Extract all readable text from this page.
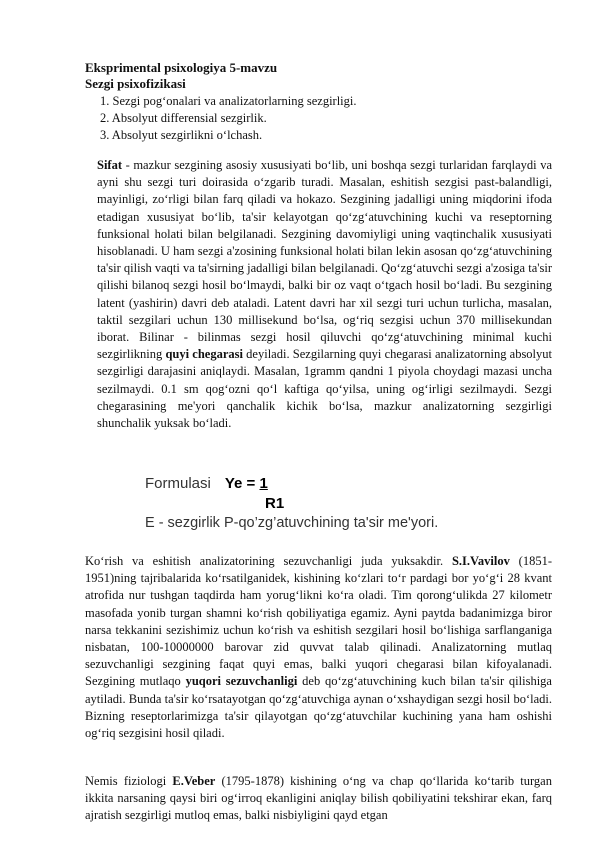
Eksprimental psixologiya 5-mavzu
Sezgi psixofizikasi
1. Sezgi pog‘onalari va analizatorlarning sezgirligi.
2. Absolyut differensial sezgirlik.
3. Absolyut sezgirlikni o‘lchash.

Sifat - mazkur sezgining asosiy xususiyati bo‘lib, uni boshqa sezgi turlaridan farqlaydi va ayni shu sezgi turi doirasida o‘zgarib turadi. Masalan, eshitish sezgisi past-balandligi, mayinligi, zo‘rligi bilan farq qiladi va hokazo. Sezgining jadalligi uning miqdorini ifoda etadigan xususiyat bo‘lib, ta'sir kelayotgan qo‘zg‘atuvchining kuchi va reseptorning funksional holati bilan belgilanadi. Sezgining davomiyligi uning vaqtinchalik xususiyati hisoblanadi. U ham sezgi a'zosining funksional holati bilan lekin asosan qo‘zg‘atuvchining ta'sir qilish vaqti va ta'sirning jadalligi bilan belgilanadi. Qo‘zg‘atuvchi sezgi a'zosiga ta'sir qilishi bilanoq sezgi hosil bo‘lmaydi, balki bir oz vaqt o‘tgach hosil bo‘ladi. Bu sezgining latent (yashirin) davri deb ataladi. Latent davri har xil sezgi turi uchun turlicha, masalan, taktil sezgilari uchun 130 millisekund bo‘lsa, og‘riq sezgisi uchun 370 millisekundan iborat. Bilinar - bilinmas sezgi hosil qiluvchi qo‘zg‘atuvchining minimal kuchi sezgirlikning quyi chegarasi deyiladi. Sezgilarning quyi chegarasi analizatorning absolyut sezgirligi darajasini aniqlaydi. Masalan, 1gramm qandni 1 piyola choydagi mazasi uncha sezilmaydi. 0.1 sm qog‘ozni qo‘l kaftiga qo‘yilsa, uning og‘irligi sezilmaydi. Sezgi chegarasining me'yori qanchalik kichik bo‘lsa, mazkur analizatorning sezgirligi shunchalik yuksak bo‘ladi.

Formulasi Ye = 1
R1
E - sezgirlik P-qo’zg’atuvchining ta'sir me'yori.

Ko‘rish va eshitish analizatorining sezuvchanligi juda yuksakdir. S.I.Vavilov (1851-1951)ning tajribalarida ko‘rsatilganidek, kishining ko‘zlari to‘r pardagi bor yo‘g‘i 28 kvant atrofida nur tushgan taqdirda ham yorug‘likni ko‘ra oladi. Tim qorong‘ulikda 27 kilometr masofada yonib turgan shamni ko‘rish qobiliyatiga egamiz. Ayni paytda badanimizga biror narsa tekkanini sezishimiz uchun ko‘rish va eshitish sezgilari hosil bo‘lishiga sarflanganiga nisbatan, 100-10000000 barovar zid quvvat talab qilinadi. Analizatorning mutlaq sezuvchanligi sezgining faqat quyi emas, balki yuqori chegarasi bilan kifoyalanadi. Sezgining mutlaqo yuqori sezuvchanligi deb qo‘zg‘atuvchining kuch bilan ta'sir qilishiga aytiladi. Bunda ta'sir ko‘rsatayotgan qo‘zg‘atuvchiga aynan o‘xshaydigan sezgi hosil bo‘ladi. Bizning reseptorlarimizga ta'sir qilayotgan qo‘zg‘atuvchilar kuchining yana ham oshishi og‘riq sezgisini hosil qiladi.

Nemis fiziologi E.Veber (1795-1878) kishining o‘ng va chap qo‘llarida ko‘tarib turgan ikkita narsaning qaysi biri og‘irroq ekanligini aniqlay bilish qobiliyatini tekshirar ekan, farq ajratish sezgirligi mutloq emas, balki nisbiyligini qayd etgan
